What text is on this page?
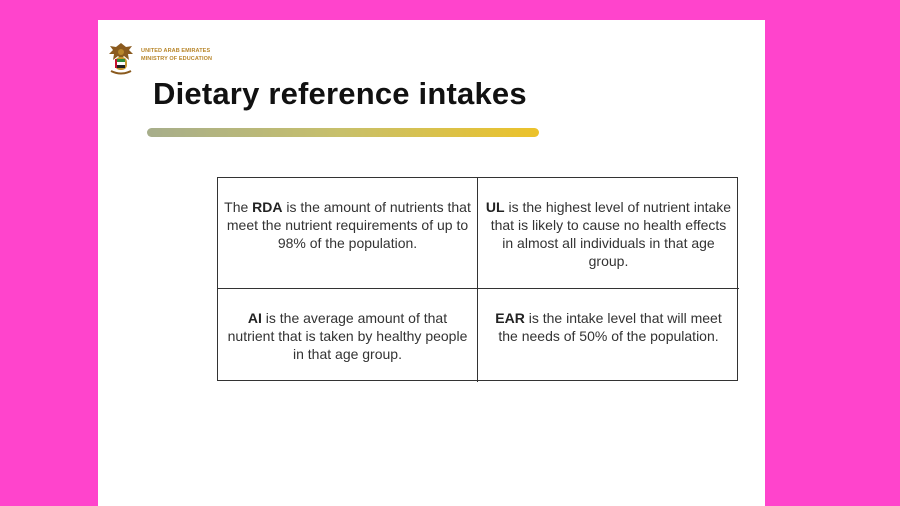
UNITED ARAB EMIRATES
MINISTRY OF EDUCATION
Dietary reference intakes
The RDA is the amount of nutrients that meet the nutrient requirements of up to 98% of the population.
UL is the highest level of nutrient intake that is likely to cause no health effects in almost all individuals in that age group.
AI is the average amount of that nutrient that is taken by healthy people in that age group.
EAR is the intake level that will meet the needs of 50% of the population.
